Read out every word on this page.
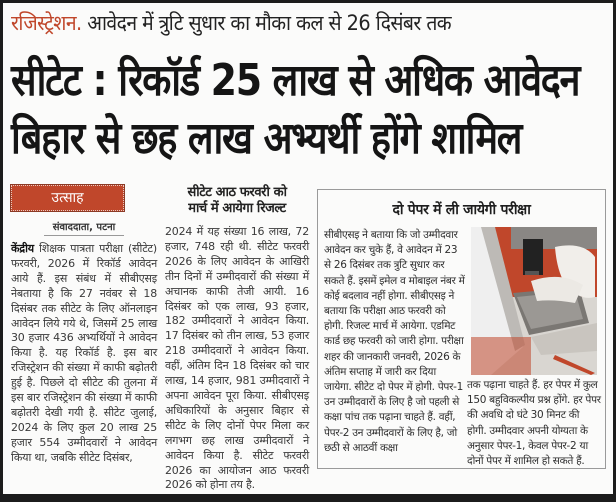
रजिस्ट्रेशन. आवेदन में त्रुटि सुधार का मौका कल से 26 दिसंबर तक
सीटेट : रिकॉर्ड 25 लाख से अधिक आवेदन
बिहार से छह लाख अभ्यर्थी होंगे शामिल
उत्साह
संवाददाता, पटना
केंद्रीय शिक्षक पात्रता परीक्षा (सीटेट) फरवरी, 2026 में रिकॉर्ड आवेदन आये हैं. इस संबंध में सीबीएसइ नेबताया है कि 27 नवंबर से 18 दिसंबर तक सीटेट के लिए ऑनलाइन आवेदन लिये गये थे, जिसमें 25 लाख 30 हजार 436 अभ्यर्थियों ने आवेदन किया है. यह रिकॉर्ड है. इस बार रजिस्ट्रेशन की संख्या में काफी बढ़ोतरी हुई है. पिछले दो सीटेट की तुलना में इस बार रजिस्ट्रेशन की संख्या में काफी बढ़ोतरी देखी गयी है. सीटेट जुलाई, 2024 के लिए कुल 20 लाख 25 हजार 554 उम्मीदवारों ने आवेदन किया था, जबकि सीटेट दिसंबर,
सीटेट आठ फरवरी को
मार्च में आयेगा रिजल्ट
2024 में यह संख्या 16 लाख, 72 हजार, 748 रही थी. सीटेट फरवरी 2026 के लिए आवेदन के आखिरी तीन दिनों में उम्मीदवारों की संख्या में अचानक काफी तेजी आयी. 16 दिसंबर को एक लाख, 93 हजार, 182 उम्मीदवारों ने आवेदन किया. 17 दिसंबर को तीन लाख, 53 हजार 218 उम्मीदवारों ने आवेदन किया. वहीं, अंतिम दिन 18 दिसंबर को चार लाख, 14 हजार, 981 उम्मीदवारों ने अपना आवेदन पूरा किया. सीबीएसइ अधिकारियों के अनुसार बिहार से सीटेट के लिए दोनों पेपर मिला कर लगभग छह लाख उम्मीदवारों ने आवेदन किया है. सीटेट फरवरी 2026 का आयोजन आठ फरवरी 2026 को होना तय है.
दो पेपर में ली जायेगी परीक्षा
सीबीएसइ ने बताया कि जो उम्मीदवार आवेदन कर चुके हैं, वे आवेदन में 23 से 26 दिसंबर तक त्रुटि सुधार कर सकते हैं. इसमें इमेल व मोबाइल नंबर में कोई बदलाव नहीं होगा. सीबीएसइ ने बताया कि परीक्षा आठ फरवरी को होगी. रिजल्ट मार्च में आयेगा. एडमिट कार्ड छह फरवरी को जारी होगा. परीक्षा शहर की जानकारी जनवरी, 2026 के अंतिम सप्ताह में जारी कर दिया जायेगा. सीटेट दो पेपर में होगी. पेपर-1 उन उम्मीदवारों के लिए है जो पहली से कक्षा पांच तक पढ़ाना चाहते हैं. वहीं, पेपर-2 उन उम्मीदवारों के लिए है, जो छठी से आठवीं कक्षा
तक पढ़ाना चाहते हैं. हर पेपर में कुल 150 बहुविकल्पीय प्रश्न होंगे. हर पेपर की अवधि दो घंटे 30 मिनट की होगी. उम्मीदवार अपनी योग्यता के अनुसार पेपर-1, केवल पेपर-2 या दोनों पेपर में शामिल हो सकते हैं.
